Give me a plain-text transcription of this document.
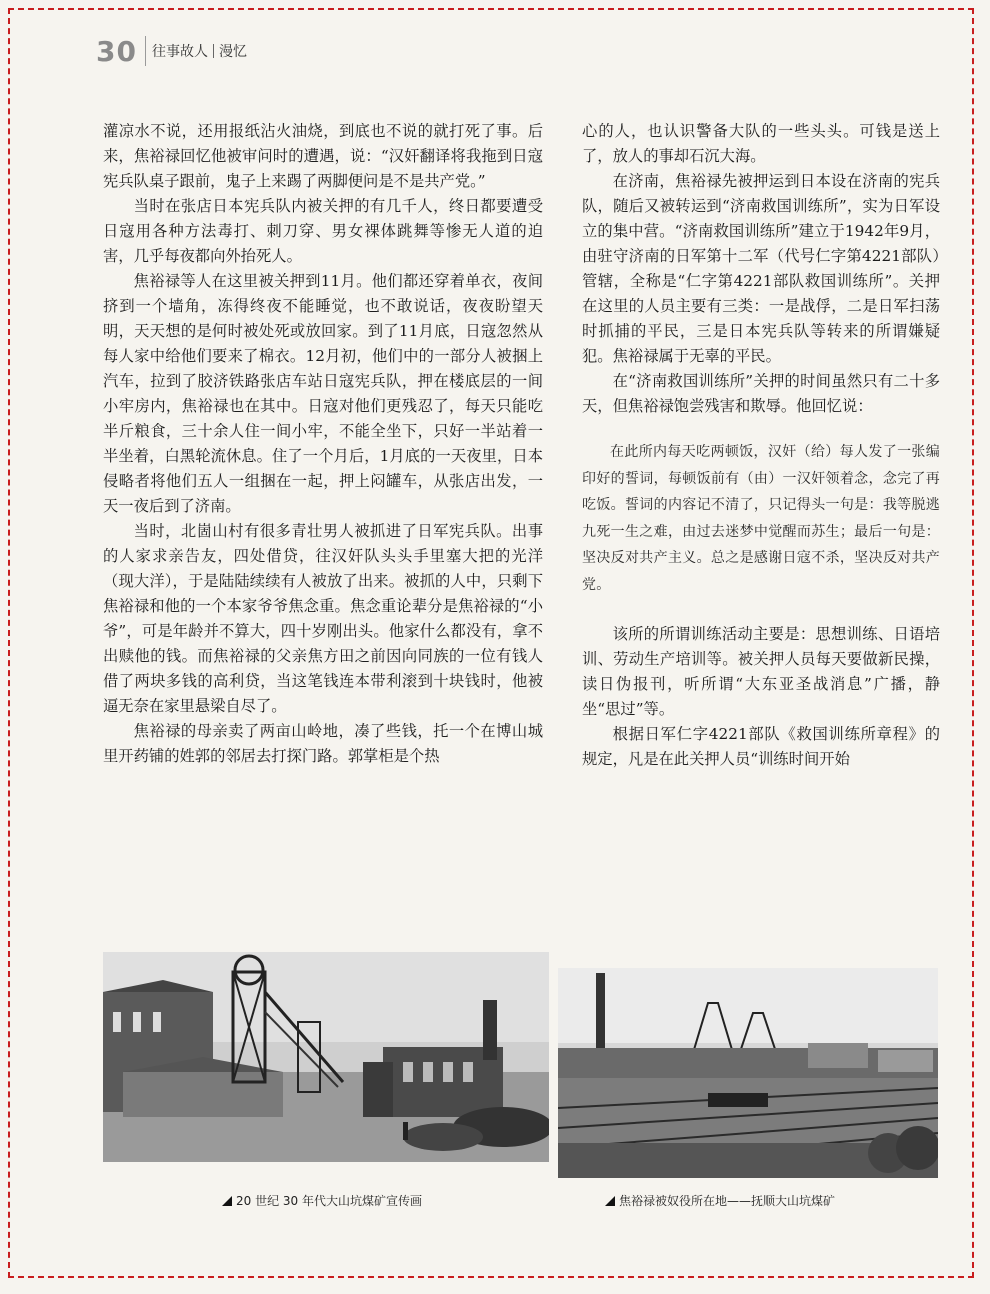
30 往事故人 漫忆

灌凉水不说，还用报纸沾火油烧，到底也不说的就打死了事。后来，焦裕禄回忆他被审问时的遭遇，说：“汉奸翻译将我拖到日寇宪兵队桌子跟前，鬼子上来踢了两脚便问是不是共产党。”

当时在张店日本宪兵队内被关押的有几千人，终日都要遭受日寇用各种方法毒打、刺刀穿、男女裸体跳舞等惨无人道的迫害，几乎每夜都向外抬死人。

焦裕禄等人在这里被关押到11月。他们都还穿着单衣，夜间挤到一个墙角，冻得终夜不能睡觉，也不敢说话，夜夜盼望天明，天天想的是何时被处死或放回家。到了11月底，日寇忽然从每人家中给他们要来了棉衣。12月初，他们中的一部分人被捆上汽车，拉到了胶济铁路张店车站日寇宪兵队，押在楼底层的一间小牢房内，焦裕禄也在其中。日寇对他们更残忍了，每天只能吃半斤粮食，三十余人住一间小牢，不能全坐下，只好一半站着一半坐着，白黑轮流休息。住了一个月后，1月底的一天夜里，日本侵略者将他们五人一组捆在一起，押上闷罐车，从张店出发，一天一夜后到了济南。

当时，北崮山村有很多青壮男人被抓进了日军宪兵队。出事的人家求亲告友，四处借贷，往汉奸队头头手里塞大把的光洋（现大洋），于是陆陆续续有人被放了出来。被抓的人中，只剩下焦裕禄和他的一个本家爷爷焦念重。焦念重论辈分是焦裕禄的“小爷”，可是年龄并不算大，四十岁刚出头。他家什么都没有，拿不出赎他的钱。而焦裕禄的父亲焦方田之前因向同族的一位有钱人借了两块多钱的高利贷，当这笔钱连本带利滚到十块钱时，他被逼无奈在家里悬梁自尽了。

焦裕禄的母亲卖了两亩山岭地，凑了些钱，托一个在博山城里开药铺的姓郭的邻居去打探门路。郭掌柜是个热

心的人，也认识警备大队的一些头头。可钱是送上了，放人的事却石沉大海。

在济南，焦裕禄先被押运到日本设在济南的宪兵队，随后又被转运到“济南救国训练所”，实为日军设立的集中营。“济南救国训练所”建立于1942年9月，由驻守济南的日军第十二军（代号仁字第4221部队）管辖，全称是“仁字第4221部队救国训练所”。关押在这里的人员主要有三类：一是战俘，二是日军扫荡时抓捕的平民，三是日本宪兵队等转来的所谓嫌疑犯。焦裕禄属于无辜的平民。

在“济南救国训练所”关押的时间虽然只有二十多天，但焦裕禄饱尝残害和欺辱。他回忆说：

在此所内每天吃两顿饭，汉奸（给）每人发了一张编印好的誓词，每顿饭前有（由）一汉奸领着念，念完了再吃饭。誓词的内容记不清了，只记得头一句是：我等脱逃九死一生之难，由过去迷梦中觉醒而苏生；最后一句是：坚决反对共产主义。总之是感谢日寇不杀，坚决反对共产党。

该所的所谓训练活动主要是：思想训练、日语培训、劳动生产培训等。被关押人员每天要做新民操，读日伪报刊，听所谓“大东亚圣战消息”广播，静坐“思过”等。

根据日军仁字4221部队《救国训练所章程》的规定，凡是在此关押人员“训练时间开始

20 世纪 30 年代大山坑煤矿宣传画	焦裕禄被奴役所在地——抚顺大山坑煤矿
